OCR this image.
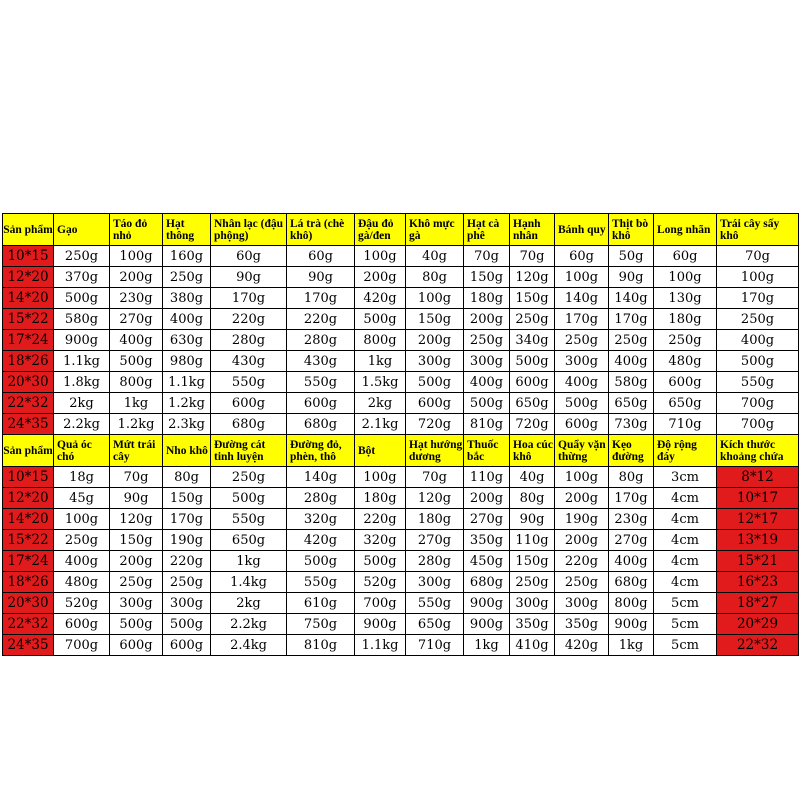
Sản phẩm	Gạo	Táo đỏ nhỏ	Hạt thông	Nhân lạc (đậu phộng)	Lá trà (chè khô)	Đậu đỏ gà/đen	Khô mực gà	Hạt cà phê	Hạnh nhân	Bánh quy	Thịt bò khô	Long nhãn	Trái cây sấy khô
10*15	250g	100g	160g	60g	60g	100g	40g	70g	70g	60g	50g	60g	70g
12*20	370g	200g	250g	90g	90g	200g	80g	150g	120g	100g	90g	100g	100g
14*20	500g	230g	380g	170g	170g	420g	100g	180g	150g	140g	140g	130g	170g
15*22	580g	270g	400g	220g	220g	500g	150g	200g	250g	170g	170g	180g	250g
17*24	900g	400g	630g	280g	280g	800g	200g	250g	340g	250g	250g	250g	400g
18*26	1.1kg	500g	980g	430g	430g	1kg	300g	300g	500g	300g	400g	480g	500g
20*30	1.8kg	800g	1.1kg	550g	550g	1.5kg	500g	400g	600g	400g	580g	600g	550g
22*32	2kg	1kg	1.2kg	600g	600g	2kg	600g	500g	650g	500g	650g	650g	700g
24*35	2.2kg	1.2kg	2.3kg	680g	680g	2.1kg	720g	810g	720g	600g	730g	710g	700g
Sản phẩm	Quả óc chó	Mứt trái cây	Nho khô	Đường cát tinh luyện	Đường đỏ, phèn, thô	Bột	Hạt hướng dương	Thuốc bắc	Hoa cúc khô	Quẩy vặn thừng	Kẹo đường	Độ rộng đáy	Kích thước khoảng chứa
10*15	18g	70g	80g	250g	140g	100g	70g	110g	40g	100g	80g	3cm	8*12
12*20	45g	90g	150g	500g	280g	180g	120g	200g	80g	200g	170g	4cm	10*17
14*20	100g	120g	170g	550g	320g	220g	180g	270g	90g	190g	230g	4cm	12*17
15*22	250g	150g	190g	650g	420g	320g	270g	350g	110g	200g	270g	4cm	13*19
17*24	400g	200g	220g	1kg	500g	500g	280g	450g	150g	220g	400g	4cm	15*21
18*26	480g	250g	250g	1.4kg	550g	520g	300g	680g	250g	250g	680g	4cm	16*23
20*30	520g	300g	300g	2kg	610g	700g	550g	900g	300g	300g	800g	5cm	18*27
22*32	600g	500g	500g	2.2kg	750g	900g	650g	900g	350g	350g	900g	5cm	20*29
24*35	700g	600g	600g	2.4kg	810g	1.1kg	710g	1kg	410g	420g	1kg	5cm	22*32
